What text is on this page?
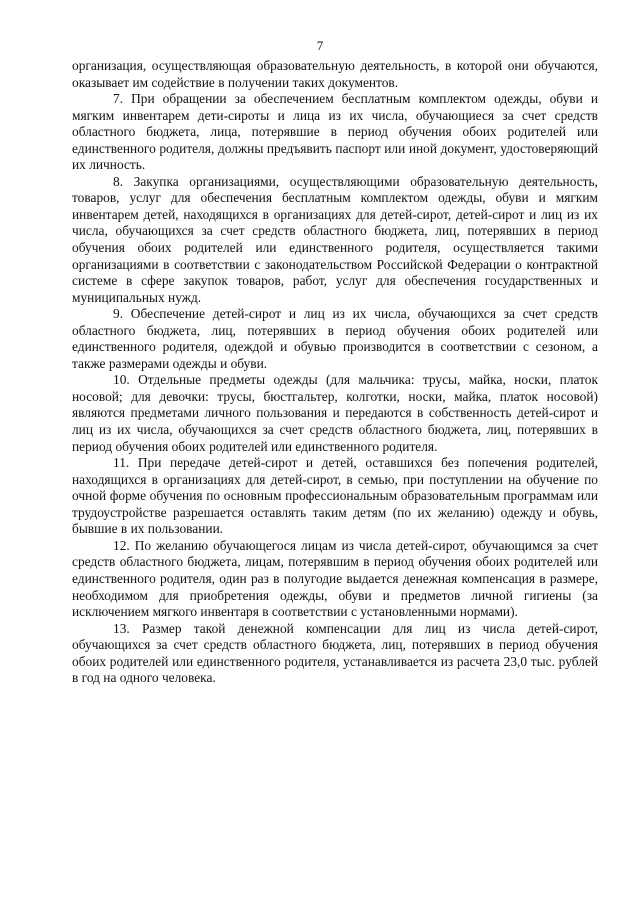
7

организация, осуществляющая образовательную деятельность, в которой они обучаются, оказывает им содействие в получении таких документов.

7. При обращении за обеспечением бесплатным комплектом одежды, обуви и мягким инвентарем дети-сироты и лица из их числа, обучающиеся за счет средств областного бюджета, лица, потерявшие в период обучения обоих родителей или единственного родителя, должны предъявить паспорт или иной документ, удостоверяющий их личность.

8. Закупка организациями, осуществляющими образовательную деятельность, товаров, услуг для обеспечения бесплатным комплектом одежды, обуви и мягким инвентарем детей, находящихся в организациях для детей-сирот, детей-сирот и лиц из их числа, обучающихся за счет средств областного бюджета, лиц, потерявших в период обучения обоих родителей или единственного родителя, осуществляется такими организациями в соответствии с законодательством Российской Федерации о контрактной системе в сфере закупок товаров, работ, услуг для обеспечения государственных и муниципальных нужд.

9. Обеспечение детей-сирот и лиц из их числа, обучающихся за счет средств областного бюджета, лиц, потерявших в период обучения обоих родителей или единственного родителя, одеждой и обувью производится в соответствии с сезоном, а также размерами одежды и обуви.

10. Отдельные предметы одежды (для мальчика: трусы, майка, носки, платок носовой; для девочки: трусы, бюстгальтер, колготки, носки, майка, платок носовой) являются предметами личного пользования и передаются в собственность детей-сирот и лиц из их числа, обучающихся за счет средств областного бюджета, лиц, потерявших в период обучения обоих родителей или единственного родителя.

11. При передаче детей-сирот и детей, оставшихся без попечения родителей, находящихся в организациях для детей-сирот, в семью, при поступлении на обучение по очной форме обучения по основным профессиональным образовательным программам или трудоустройстве разрешается оставлять таким детям (по их желанию) одежду и обувь, бывшие в их пользовании.

12. По желанию обучающегося лицам из числа детей-сирот, обучающимся за счет средств областного бюджета, лицам, потерявшим в период обучения обоих родителей или единственного родителя, один раз в полугодие выдается денежная компенсация в размере, необходимом для приобретения одежды, обуви и предметов личной гигиены (за исключением мягкого инвентаря в соответствии с установленными нормами).

13. Размер такой денежной компенсации для лиц из числа детей-сирот, обучающихся за счет средств областного бюджета, лиц, потерявших в период обучения обоих родителей или единственного родителя, устанавливается из расчета 23,0 тыс. рублей в год на одного человека.
